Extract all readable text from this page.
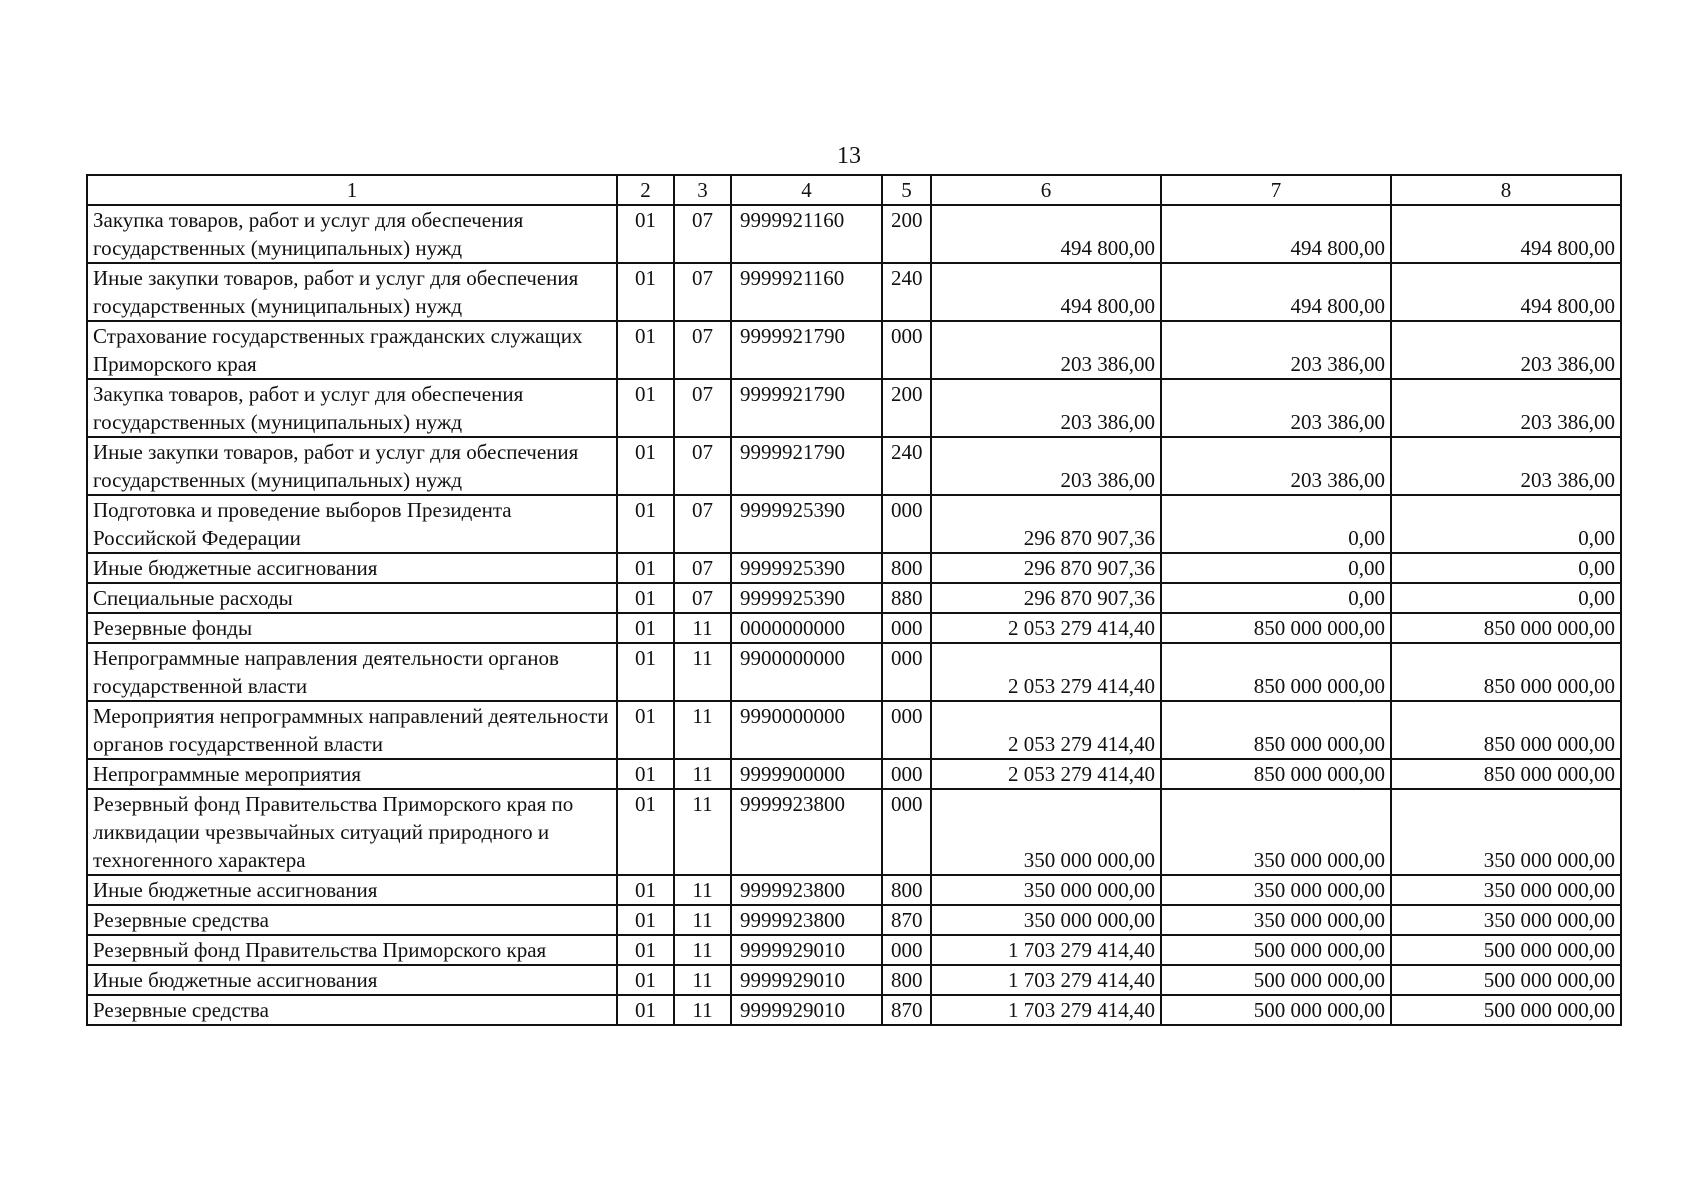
13
1	2	3	4	5	6	7	8
Закупка товаров, работ и услуг для обеспечения государственных (муниципальных) нужд	01	07	9999921160	200	494 800,00	494 800,00	494 800,00
Иные закупки товаров, работ и услуг для обеспечения государственных (муниципальных) нужд	01	07	9999921160	240	494 800,00	494 800,00	494 800,00
Страхование государственных гражданских служащих Приморского края	01	07	9999921790	000	203 386,00	203 386,00	203 386,00
Закупка товаров, работ и услуг для обеспечения государственных (муниципальных) нужд	01	07	9999921790	200	203 386,00	203 386,00	203 386,00
Иные закупки товаров, работ и услуг для обеспечения государственных (муниципальных) нужд	01	07	9999921790	240	203 386,00	203 386,00	203 386,00
Подготовка и проведение выборов Президента Российской Федерации	01	07	9999925390	000	296 870 907,36	0,00	0,00
Иные бюджетные ассигнования	01	07	9999925390	800	296 870 907,36	0,00	0,00
Специальные расходы	01	07	9999925390	880	296 870 907,36	0,00	0,00
Резервные фонды	01	11	0000000000	000	2 053 279 414,40	850 000 000,00	850 000 000,00
Непрограммные направления деятельности органов государственной власти	01	11	9900000000	000	2 053 279 414,40	850 000 000,00	850 000 000,00
Мероприятия непрограммных направлений деятельности органов государственной власти	01	11	9990000000	000	2 053 279 414,40	850 000 000,00	850 000 000,00
Непрограммные мероприятия	01	11	9999900000	000	2 053 279 414,40	850 000 000,00	850 000 000,00
Резервный фонд Правительства Приморского края по ликвидации чрезвычайных ситуаций природного и техногенного характера	01	11	9999923800	000	350 000 000,00	350 000 000,00	350 000 000,00
Иные бюджетные ассигнования	01	11	9999923800	800	350 000 000,00	350 000 000,00	350 000 000,00
Резервные средства	01	11	9999923800	870	350 000 000,00	350 000 000,00	350 000 000,00
Резервный фонд Правительства Приморского края	01	11	9999929010	000	1 703 279 414,40	500 000 000,00	500 000 000,00
Иные бюджетные ассигнования	01	11	9999929010	800	1 703 279 414,40	500 000 000,00	500 000 000,00
Резервные средства	01	11	9999929010	870	1 703 279 414,40	500 000 000,00	500 000 000,00
